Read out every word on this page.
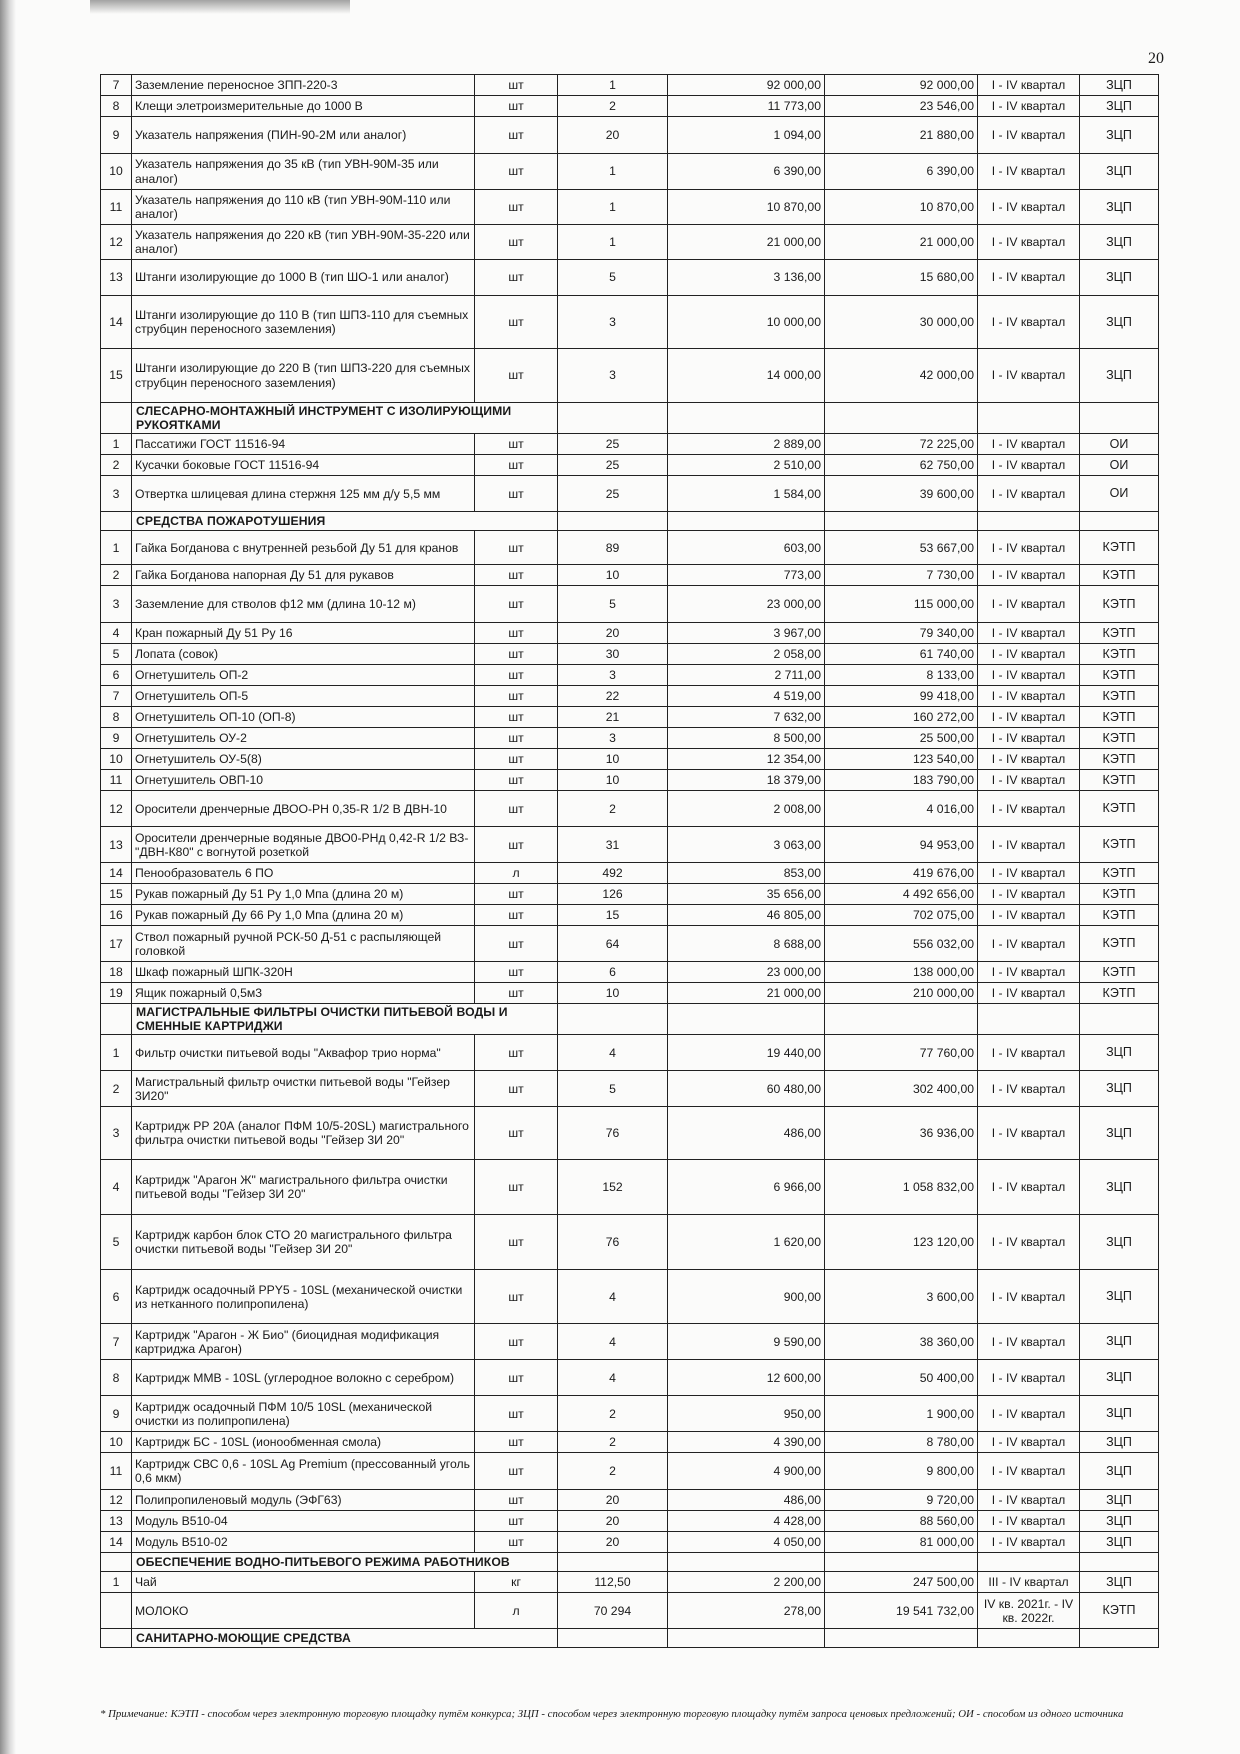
20
7	Заземление переносное ЗПП-220-3	шт	1	92 000,00	92 000,00	I - IV квартал	ЗЦП
8	Клещи элетроизмерительные до 1000 В	шт	2	11 773,00	23 546,00	I - IV квартал	ЗЦП
9	Указатель напряжения (ПИН-90-2М или аналог)	шт	20	1 094,00	21 880,00	I - IV квартал	ЗЦП
10	Указатель напряжения до 35 кВ (тип УВН-90М-35 или аналог)	шт	1	6 390,00	6 390,00	I - IV квартал	ЗЦП
11	Указатель напряжения до 110 кВ (тип УВН-90М-110 или аналог)	шт	1	10 870,00	10 870,00	I - IV квартал	ЗЦП
12	Указатель напряжения до 220 кВ (тип УВН-90М-35-220 или аналог)	шт	1	21 000,00	21 000,00	I - IV квартал	ЗЦП
13	Штанги изолирующие до 1000 В (тип ШО-1 или аналог)	шт	5	3 136,00	15 680,00	I - IV квартал	ЗЦП
14	Штанги изолирующие до 110 В (тип ШПЗ-110 для съемных струбцин переносного заземления)	шт	3	10 000,00	30 000,00	I - IV квартал	ЗЦП
15	Штанги изолирующие до 220 В (тип ШПЗ-220 для съемных струбцин переносного заземления)	шт	3	14 000,00	42 000,00	I - IV квартал	ЗЦП
	СЛЕСАРНО-МОНТАЖНЫЙ ИНСТРУМЕНТ С ИЗОЛИРУЮЩИМИ РУКОЯТКАМИ						
1	Пассатижи ГОСТ 11516-94	шт	25	2 889,00	72 225,00	I - IV квартал	ОИ
2	Кусачки боковые ГОСТ 11516-94	шт	25	2 510,00	62 750,00	I - IV квартал	ОИ
3	Отвертка шлицевая длина стержня 125 мм д/у 5,5 мм	шт	25	1 584,00	39 600,00	I - IV квартал	ОИ
	СРЕДСТВА ПОЖАРОТУШЕНИЯ						
1	Гайка Богданова с внутренней резьбой Ду 51 для кранов	шт	89	603,00	53 667,00	I - IV квартал	КЭТП
2	Гайка Богданова напорная Ду 51 для рукавов	шт	10	773,00	7 730,00	I - IV квартал	КЭТП
3	Заземление для стволов ф12 мм (длина 10-12 м)	шт	5	23 000,00	115 000,00	I - IV квартал	КЭТП
4	Кран пожарный Ду 51 Ру 16	шт	20	3 967,00	79 340,00	I - IV квартал	КЭТП
5	Лопата (совок)	шт	30	2 058,00	61 740,00	I - IV квартал	КЭТП
6	Огнетушитель ОП-2	шт	3	2 711,00	8 133,00	I - IV квартал	КЭТП
7	Огнетушитель ОП-5	шт	22	4 519,00	99 418,00	I - IV квартал	КЭТП
8	Огнетушитель ОП-10 (ОП-8)	шт	21	7 632,00	160 272,00	I - IV квартал	КЭТП
9	Огнетушитель ОУ-2	шт	3	8 500,00	25 500,00	I - IV квартал	КЭТП
10	Огнетушитель ОУ-5(8)	шт	10	12 354,00	123 540,00	I - IV квартал	КЭТП
11	Огнетушитель ОВП-10	шт	10	18 379,00	183 790,00	I - IV квартал	КЭТП
12	Оросители дренчерные ДВОО-РН 0,35-R 1/2 В ДВН-10	шт	2	2 008,00	4 016,00	I - IV квартал	КЭТП
13	Оросители дренчерные водяные ДВО0-РНд 0,42-R 1/2 ВЗ-"ДВН-К80" с вогнутой розеткой	шт	31	3 063,00	94 953,00	I - IV квартал	КЭТП
14	Пенообразователь 6 ПО	л	492	853,00	419 676,00	I - IV квартал	КЭТП
15	Рукав пожарный Ду 51 Ру 1,0 Мпа (длина 20 м)	шт	126	35 656,00	4 492 656,00	I - IV квартал	КЭТП
16	Рукав пожарный Ду 66 Ру 1,0 Мпа (длина 20 м)	шт	15	46 805,00	702 075,00	I - IV квартал	КЭТП
17	Ствол пожарный ручной РСК-50 Д-51 с распыляющей головкой	шт	64	8 688,00	556 032,00	I - IV квартал	КЭТП
18	Шкаф пожарный ШПК-320Н	шт	6	23 000,00	138 000,00	I - IV квартал	КЭТП
19	Ящик пожарный 0,5м3	шт	10	21 000,00	210 000,00	I - IV квартал	КЭТП
	МАГИСТРАЛЬНЫЕ ФИЛЬТРЫ ОЧИСТКИ ПИТЬЕВОЙ ВОДЫ И СМЕННЫЕ КАРТРИДЖИ						
1	Фильтр очистки питьевой воды "Аквафор трио норма"	шт	4	19 440,00	77 760,00	I - IV квартал	ЗЦП
2	Магистральный фильтр очистки питьевой воды "Гейзер 3И20"	шт	5	60 480,00	302 400,00	I - IV квартал	ЗЦП
3	Картридж РР 20А (аналог ПФМ 10/5-20SL) магистрального фильтра очистки питьевой воды "Гейзер 3И 20"	шт	76	486,00	36 936,00	I - IV квартал	ЗЦП
4	Картридж "Арагон Ж" магистрального фильтра очистки питьевой воды "Гейзер 3И 20"	шт	152	6 966,00	1 058 832,00	I - IV квартал	ЗЦП
5	Картридж карбон блок СТО 20 магистрального фильтра очистки питьевой воды "Гейзер 3И 20"	шт	76	1 620,00	123 120,00	I - IV квартал	ЗЦП
6	Картридж осадочный PPY5 - 10SL (механической очистки из нетканного полипропилена)	шт	4	900,00	3 600,00	I - IV квартал	ЗЦП
7	Картридж "Арагон - Ж Био" (биоцидная модификация картриджа Арагон)	шт	4	9 590,00	38 360,00	I - IV квартал	ЗЦП
8	Картридж ММВ - 10SL (углеродное волокно с серебром)	шт	4	12 600,00	50 400,00	I - IV квартал	ЗЦП
9	Картридж осадочный ПФМ 10/5 10SL (механической очистки из полипропилена)	шт	2	950,00	1 900,00	I - IV квартал	ЗЦП
10	Картридж БС - 10SL (ионообменная смола)	шт	2	4 390,00	8 780,00	I - IV квартал	ЗЦП
11	Картридж СВС 0,6 - 10SL Ag Premium (прессованный уголь 0,6 мкм)	шт	2	4 900,00	9 800,00	I - IV квартал	ЗЦП
12	Полипропиленовый модуль (ЭФГ63)	шт	20	486,00	9 720,00	I - IV квартал	ЗЦП
13	Модуль В510-04	шт	20	4 428,00	88 560,00	I - IV квартал	ЗЦП
14	Модуль В510-02	шт	20	4 050,00	81 000,00	I - IV квартал	ЗЦП
	ОБЕСПЕЧЕНИЕ ВОДНО-ПИТЬЕВОГО РЕЖИМА РАБОТНИКОВ						
1	Чай	кг	112,50	2 200,00	247 500,00	III - IV квартал	ЗЦП
	МОЛОКО	л	70 294	278,00	19 541 732,00	IV кв. 2021г. - IV кв. 2022г.	КЭТП
	САНИТАРНО-МОЮЩИЕ СРЕДСТВА						
* Примечание: КЭТП - способом через электронную торговую площадку путём конкурса; ЗЦП - способом через электронную торговую площадку путём запроса ценовых предложений; ОИ - способом из одного источника
